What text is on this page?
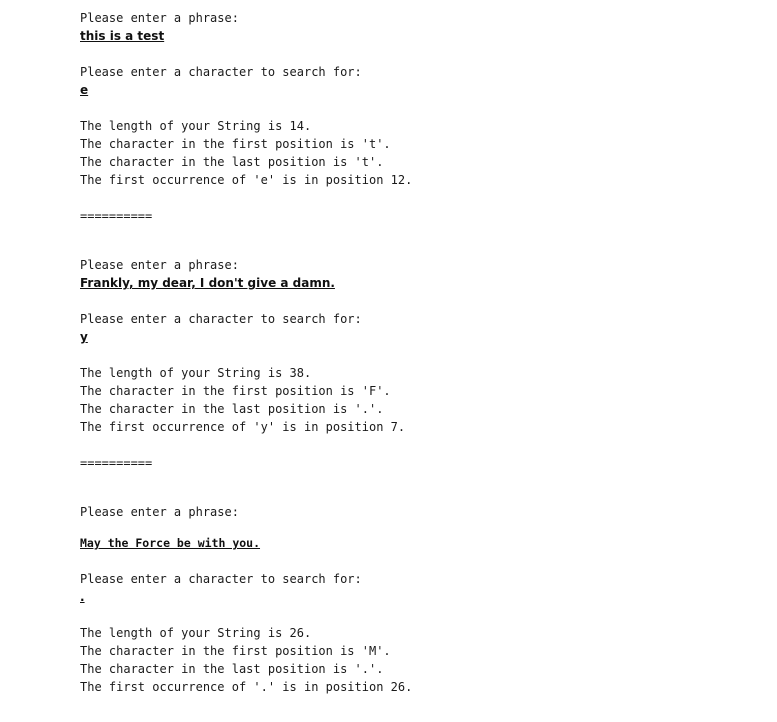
Please enter a phrase:
this is a test
Please enter a character to search for:
e
The length of your String is 14.
The character in the first position is 't'.
The character in the last position is 't'.
The first occurrence of 'e' is in position 12.
==========
Please enter a phrase:
Frankly, my dear, I don't give a damn.
Please enter a character to search for:
y
The length of your String is 38.
The character in the first position is 'F'.
The character in the last position is '.'.
The first occurrence of 'y' is in position 7.
==========
Please enter a phrase:
May the Force be with you.
Please enter a character to search for:
.
The length of your String is 26.
The character in the first position is 'M'.
The character in the last position is '.'.
The first occurrence of '.' is in position 26.
